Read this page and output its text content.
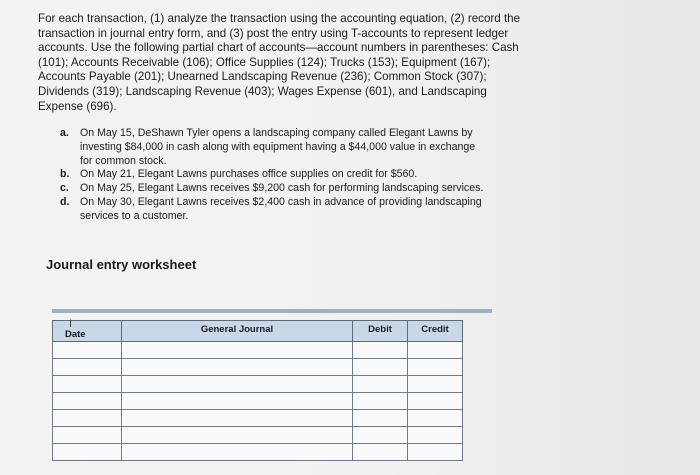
For each transaction, (1) analyze the transaction using the accounting equation, (2) record the
transaction in journal entry form, and (3) post the entry using T-accounts to represent ledger
accounts. Use the following partial chart of accounts—account numbers in parentheses: Cash
(101); Accounts Receivable (106); Office Supplies (124); Trucks (153); Equipment (167);
Accounts Payable (201); Unearned Landscaping Revenue (236); Common Stock (307);
Dividends (319); Landscaping Revenue (403); Wages Expense (601), and Landscaping
Expense (696).
a.	On May 15, DeShawn Tyler opens a landscaping company called Elegant Lawns by
investing $84,000 in cash along with equipment having a $44,000 value in exchange
for common stock.
b. On May 21, Elegant Lawns purchases office supplies on credit for $560.
c.	On May 25, Elegant Lawns receives $9,200 cash for performing landscaping services.
d. On May 30, Elegant Lawns receives $2,400 cash in advance of providing landscaping
services to a customer.
Journal entry worksheet
I
Date	General Journal	Debit	Credit
